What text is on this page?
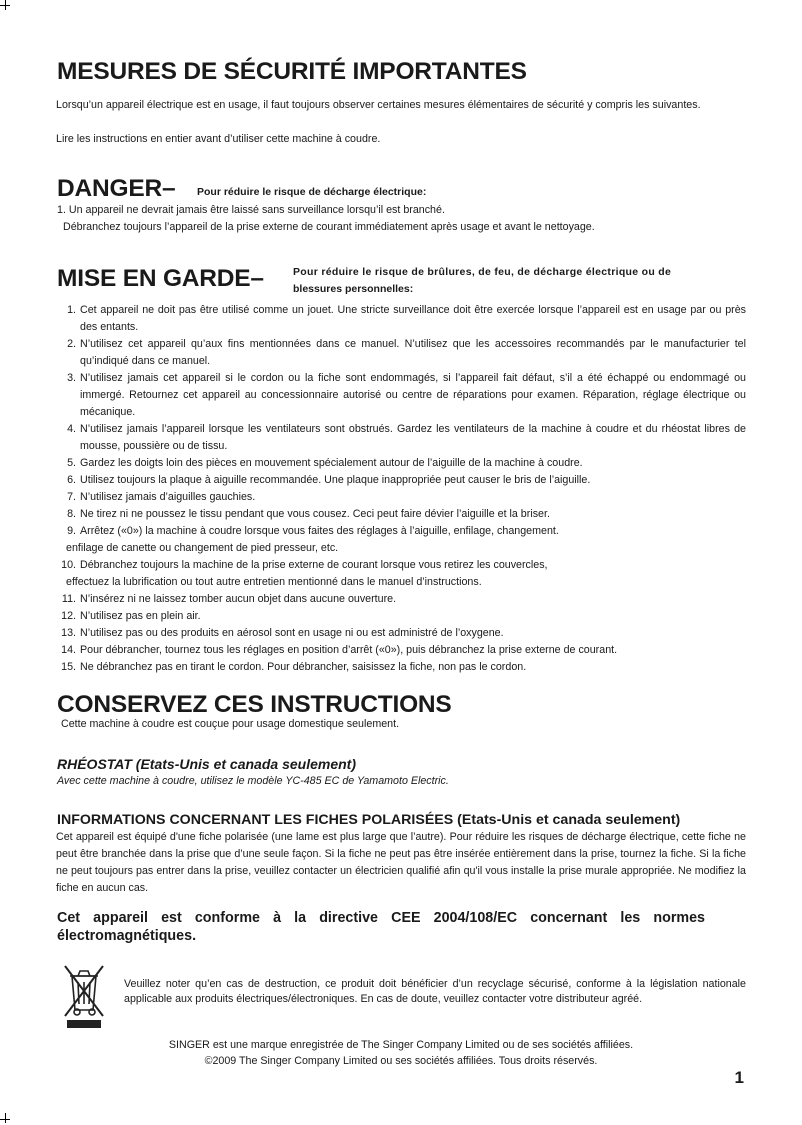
MESURES DE SÉCURITÉ IMPORTANTES

Lorsqu’un appareil électrique est en usage, il faut toujours observer certaines mesures élémentaires de sécurité y compris les suivantes.

Lire les instructions en entier avant d’utiliser cette machine à coudre.

DANGER– Pour réduire le risque de décharge électrique:

1. Un appareil ne devrait jamais être laissé sans surveillance lorsqu’il est branché.

Débranchez toujours l’appareil de la prise externe de courant immédiatement après usage et avant le nettoyage.

MISE EN GARDE–	Pour réduire le risque de brûlures, de feu, de décharge électrique ou de
blessures personnelles:
1. Cet appareil ne doit pas être utilisé comme un jouet. Une stricte surveillance doit être exercée lorsque l’appareil est en usage par ou près des entants.
2. N’utilisez cet appareil qu’aux fins mentionnées dans ce manuel. N’utilisez que les accessoires recommandés par le manufacturier tel qu’indiqué dans ce manuel.
3. N’utilisez jamais cet appareil si le cordon ou la fiche sont endommagés, si l’appareil fait défaut, s’il a été échappé ou endommagé ou immergé. Retournez cet appareil au concessionnaire autorisé ou centre de réparations pour examen. Réparation, réglage électrique ou mécanique.
4. N’utilisez jamais l’appareil lorsque les ventilateurs sont obstrués. Gardez les ventilateurs de la machine à coudre et du rhéostat libres de mousse, poussière ou de tissu.
5. Gardez les doigts loin des pièces en mouvement spécialement autour de l’aiguille de la machine à coudre.
6. Utilisez toujours la plaque à aiguille recommandée. Une plaque inappropriée peut causer le bris de l’aiguille.
7. N’utilisez jamais d’aiguilles gauchies.
8. Ne tirez ni ne poussez le tissu pendant que vous cousez. Ceci peut faire dévier l’aiguille et la briser.
9. Arrêtez («0») la machine à coudre lorsque vous faites des réglages à l’aiguille, enfilage, changement.
enfilage de canette ou changement de pied presseur, etc.
10. Débranchez toujours la machine de la prise externe de courant lorsque vous retirez les couvercles,
effectuez la lubrification ou tout autre entretien mentionné dans le manuel d’instructions.
11. N’insérez ni ne laissez tomber aucun objet dans aucune ouverture.
12. N’utilisez pas en plein air.
13. N’utilisez pas ou des produits en aérosol sont en usage ni ou est administré de l’oxygene.
14. Pour débrancher, tournez tous les réglages en position d’arrêt («0»), puis débranchez la prise externe de courant.
15. Ne débranchez pas en tirant le cordon. Pour débrancher, saisissez la fiche, non pas le cordon.
CONSERVEZ CES INSTRUCTIONS

Cette machine à coudre est couçue pour usage domestique seulement.

RHÉOSTAT (Etats-Unis et canada seulement)
Avec cette machine à coudre, utilisez le modèle YC-485 EC de Yamamoto Electric.
INFORMATIONS CONCERNANT LES FICHES POLARISÉES (Etats-Unis et canada seulement)

Cet appareil est équipé d'une fiche polarisée (une lame est plus large que l’autre). Pour réduire les risques de décharge électrique, cette fiche ne peut être branchée dans la prise que d’une seule façon. Si la fiche ne peut pas être insérée entièrement dans la prise, tournez la fiche. Si la fiche ne peut toujours pas entrer dans la prise, veuillez contacter un électricien qualifié afin qu'il vous installe la prise murale appropriée. Ne modifiez la fiche en aucun cas.

Cet appareil est conforme à la directive CEE 2004/108/EC concernant les normes électromagnétiques.

Veuillez noter qu’en cas de destruction, ce produit doit bénéficier d’un recyclage sécurisé, conforme à la législation nationale applicable aux produits électriques/électroniques. En cas de doute, veuillez contacter votre distributeur agréé.

SINGER est une marque enregistrée de The Singer Company Limited ou de ses sociétés affiliées.
©2009 The Singer Company Limited ou ses sociétés affiliées. Tous droits réservés.
1
